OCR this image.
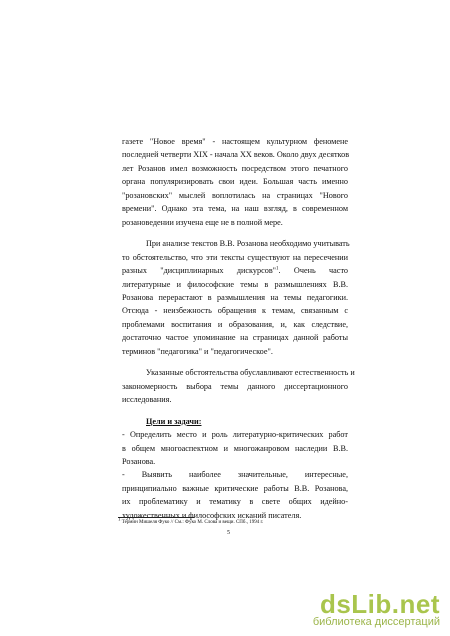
газете "Новое время" - настоящем культурном феномене
последней четверти XIX - начала XX веков. Около двух десятков
лет Розанов имел возможность посредством этого печатного
органа популяризировать свои идеи. Большая часть именно
"розановских" мыслей воплотилась на страницах "Нового
времени". Однако эта тема, на наш взгляд, в современном
розановедении изучена еще не в полной мере.
При анализе текстов В.В. Розанова необходимо учитывать
то обстоятельство, что эти тексты существуют на пересечении
разных "дисциплинарных дискурсов"$^1$. Очень часто
литературные и философские темы в размышлениях В.В.
Розанова перерастают в размышления на темы педагогики.
Отсюда - неизбежность обращения к темам, связанным с
проблемами воспитания и образования, и, как следствие,
достаточно частое упоминание на страницах данной работы
терминов "педагогика" и "педагогическое".
Указанные обстоятельства обуславливают естественность и
закономерность выбора темы данного диссертационного
исследования.
Цели и задачи:
- Определить место и роль литературно-критических работ
в общем многоаспектном и многожанровом наследии В.В.
Розанова.
- Выявить наиболее значительные, интересные,
принципиально важные критические работы В.В. Розанова,
их проблематику и тематику в свете общих идейно-
художественных и философских исканий писателя.
1 Термин Мишеля Фуко // См.: Фуко М. Слова и вещи. СПб., 1994 г.
5
dsLib.net
библиотека диссертаций
